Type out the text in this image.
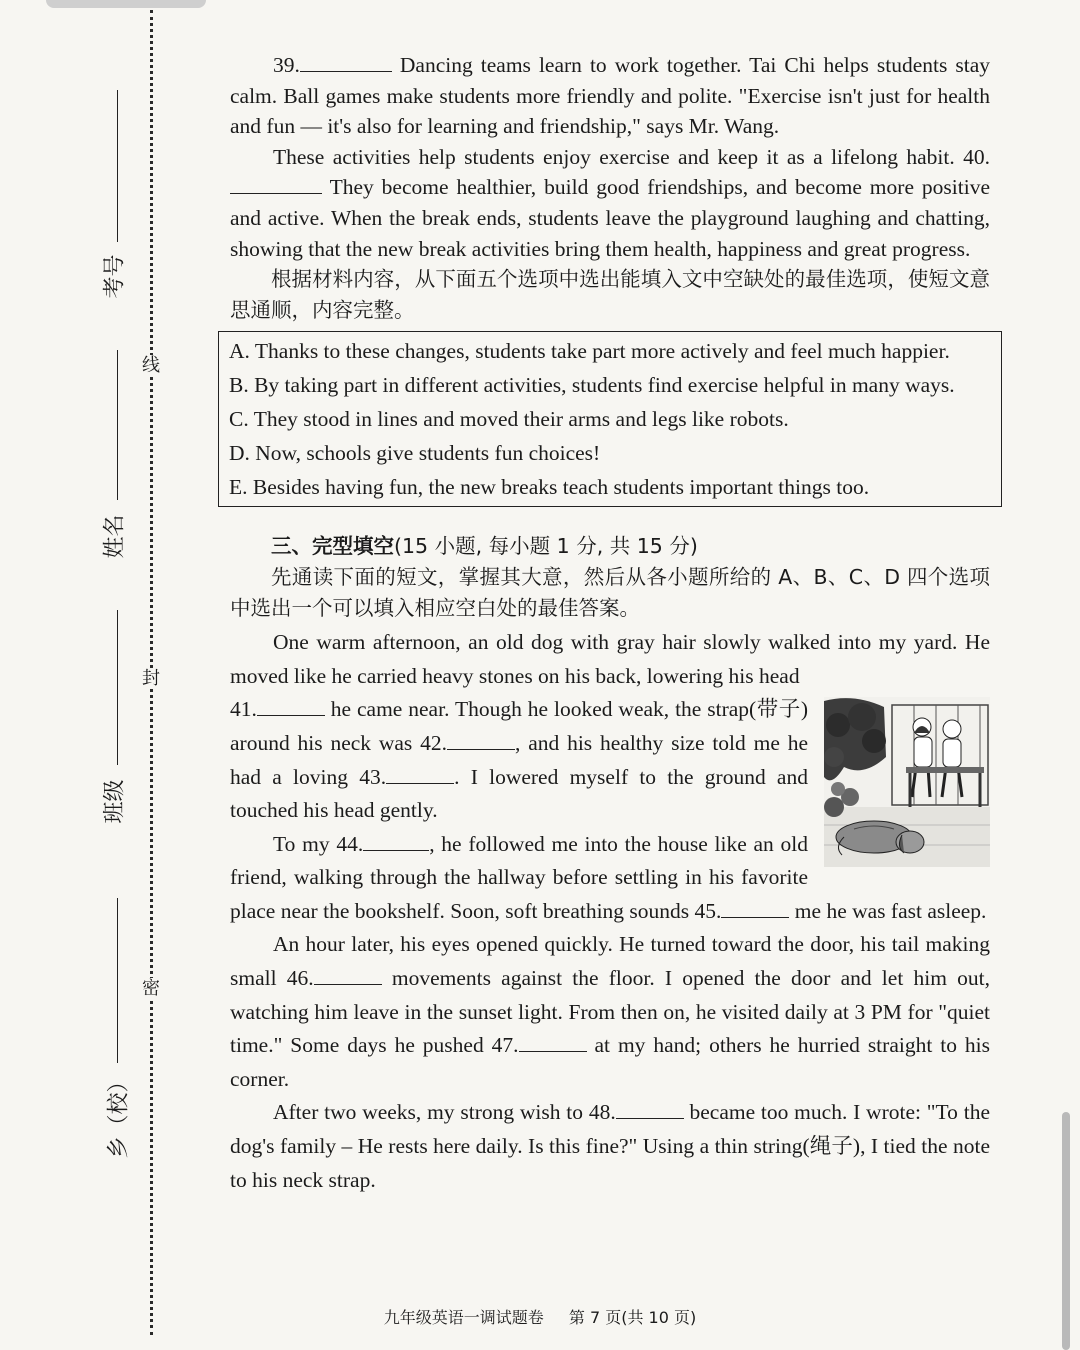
线
封
密
考号
姓名
班级
乡（校）

39.	Dancing teams learn to work together. Tai Chi helps students stay calm. Ball games make students more friendly and polite. "Exercise isn't just for health and fun — it's also for learning and friendship," says Mr. Wang.

These activities help students enjoy exercise and keep it as a lifelong habit. 40. They become healthier, build good friendships, and become more positive and active. When the break ends, students leave the playground laughing and chatting, showing that the new break activities bring them health, happiness and great progress.

根据材料内容，从下面五个选项中选出能填入文中空缺处的最佳选项，使短文意思通顺，内容完整。

A. Thanks to these changes, students take part more actively and feel much happier.
B. By taking part in different activities, students find exercise helpful in many ways.
C. They stood in lines and moved their arms and legs like robots.
D. Now, schools give students fun choices!
E. Besides having fun, the new breaks teach students important things too.

三、完型填空(15 小题, 每小题 1 分, 共 15 分)

先通读下面的短文，掌握其大意，然后从各小题所给的 A、B、C、D 四个选项中选出一个可以填入相应空白处的最佳答案。

One warm afternoon, an old dog with gray hair slowly walked into my yard. He moved like he carried heavy stones on his back, lowering his head

41.	he came near. Though he looked weak, the strap(带子) around his neck was 42.	, and his healthy size told me he had a loving 43.	. I lowered myself to the ground and touched his head gently.

To my 44.	, he followed me into the house like an old friend, walking through the hallway before settling in his favorite place near the bookshelf. Soon, soft breathing sounds 45.	me he was fast asleep.

An hour later, his eyes opened quickly. He turned toward the door, his tail making small 46.	movements against the floor. I opened the door and let him out, watching him leave in the sunset light. From then on, he visited daily at 3 PM for "quiet time." Some days he pushed 47.	at my hand; others he hurried straight to his corner.

After two weeks, my strong wish to 48.	became too much. I wrote: "To the dog's family – He rests here daily. Is this fine?" Using a thin string(绳子), I tied the note to his neck strap.

九年级英语一调试题卷 第 7 页(共 10 页)
